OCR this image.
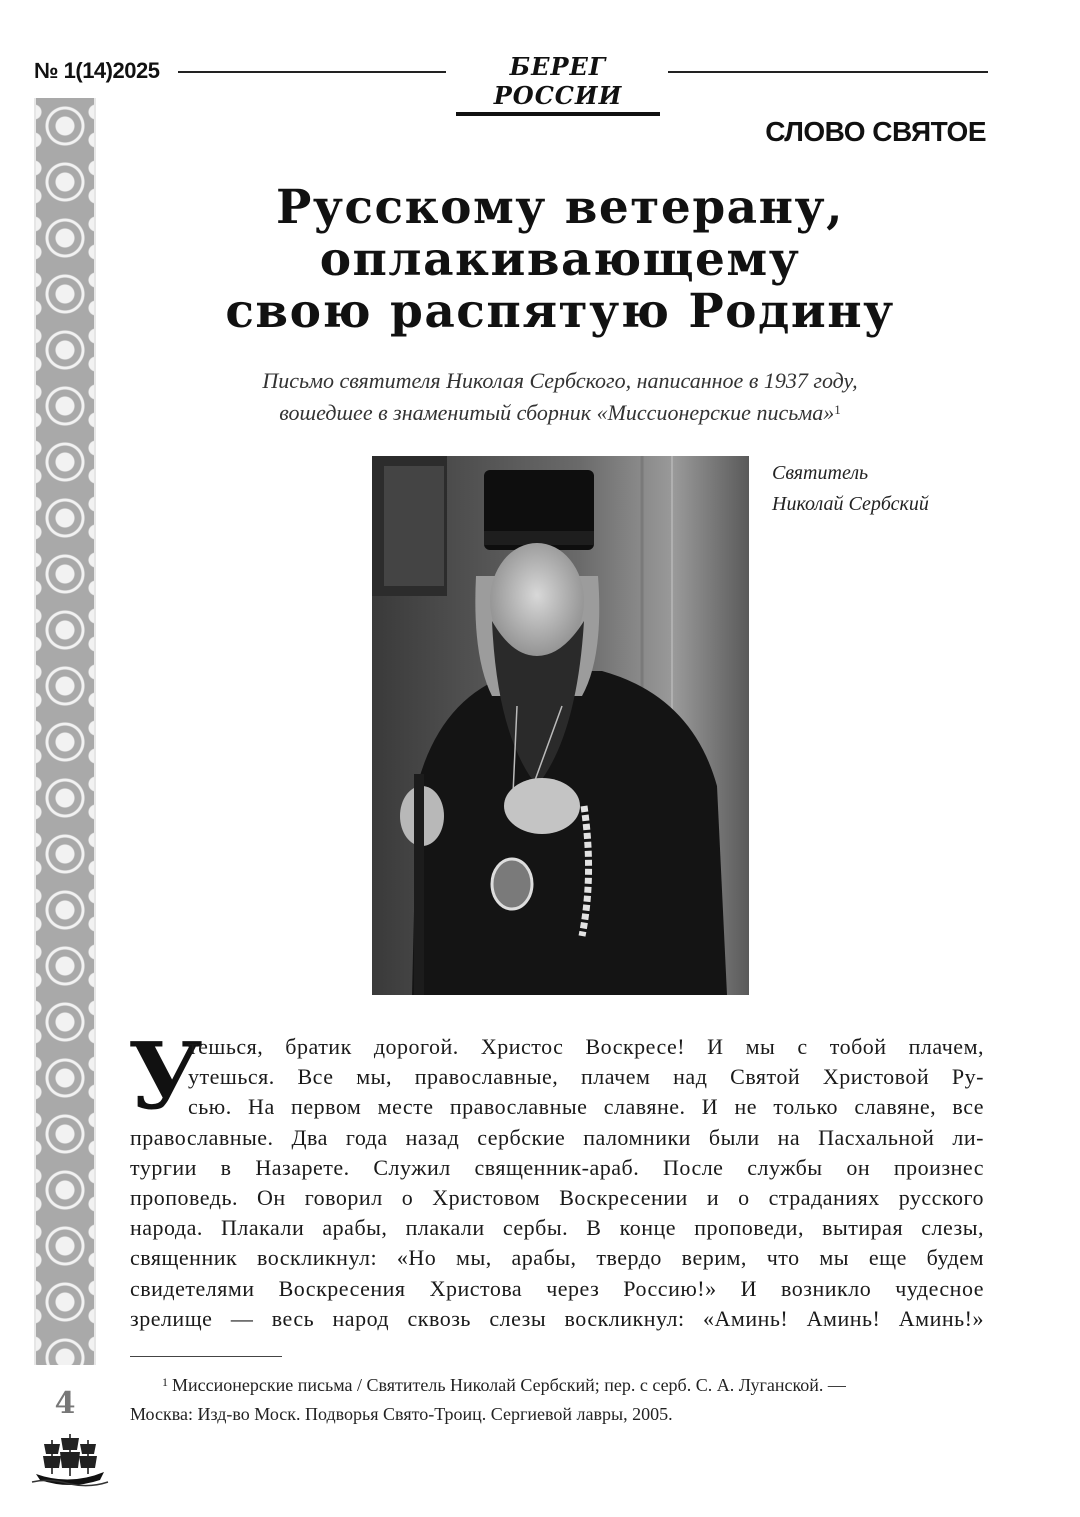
№ 1(14)2025	БЕРЕГ РОССИИ
4
СЛОВО СВЯТОЕ
Русскому ветерану,
оплакивающему
свою распятую Родину
Письмо святителя Николая Сербского, написанное в 1937 году,
вошедшее в знаменитый сборник «Миссионерские письма»$^1$
Святитель
Николай Сербский
У
тешься, братик дорогой. Христос Воскресе! И мы с тобой плачем,
утешься. Все мы, православные, плачем над Святой Христовой Ру-
сью. На первом месте православные славяне. И не только славяне, все
православные. Два года назад сербские паломники были на Пасхальной ли-
тургии в Назарете. Служил священник-араб. После службы он произнес
проповедь. Он говорил о Христовом Воскресении и о страданиях русского
народа. Плакали арабы, плакали сербы. В конце проповеди, вытирая слезы,
священник воскликнул: «Но мы, арабы, твердо верим, что мы еще будем
свидетелями Воскресения Христова через Россию!» И возникло чудесное
зрелище — весь народ сквозь слезы воскликнул: «Аминь! Аминь! Аминь!»
$^1$ Миссионерские письма / Святитель Николай Сербский; пер. с серб. С. А. Луганской. —
Москва: Изд-во Моск. Подворья Свято-Троиц. Сергиевой лавры, 2005.
